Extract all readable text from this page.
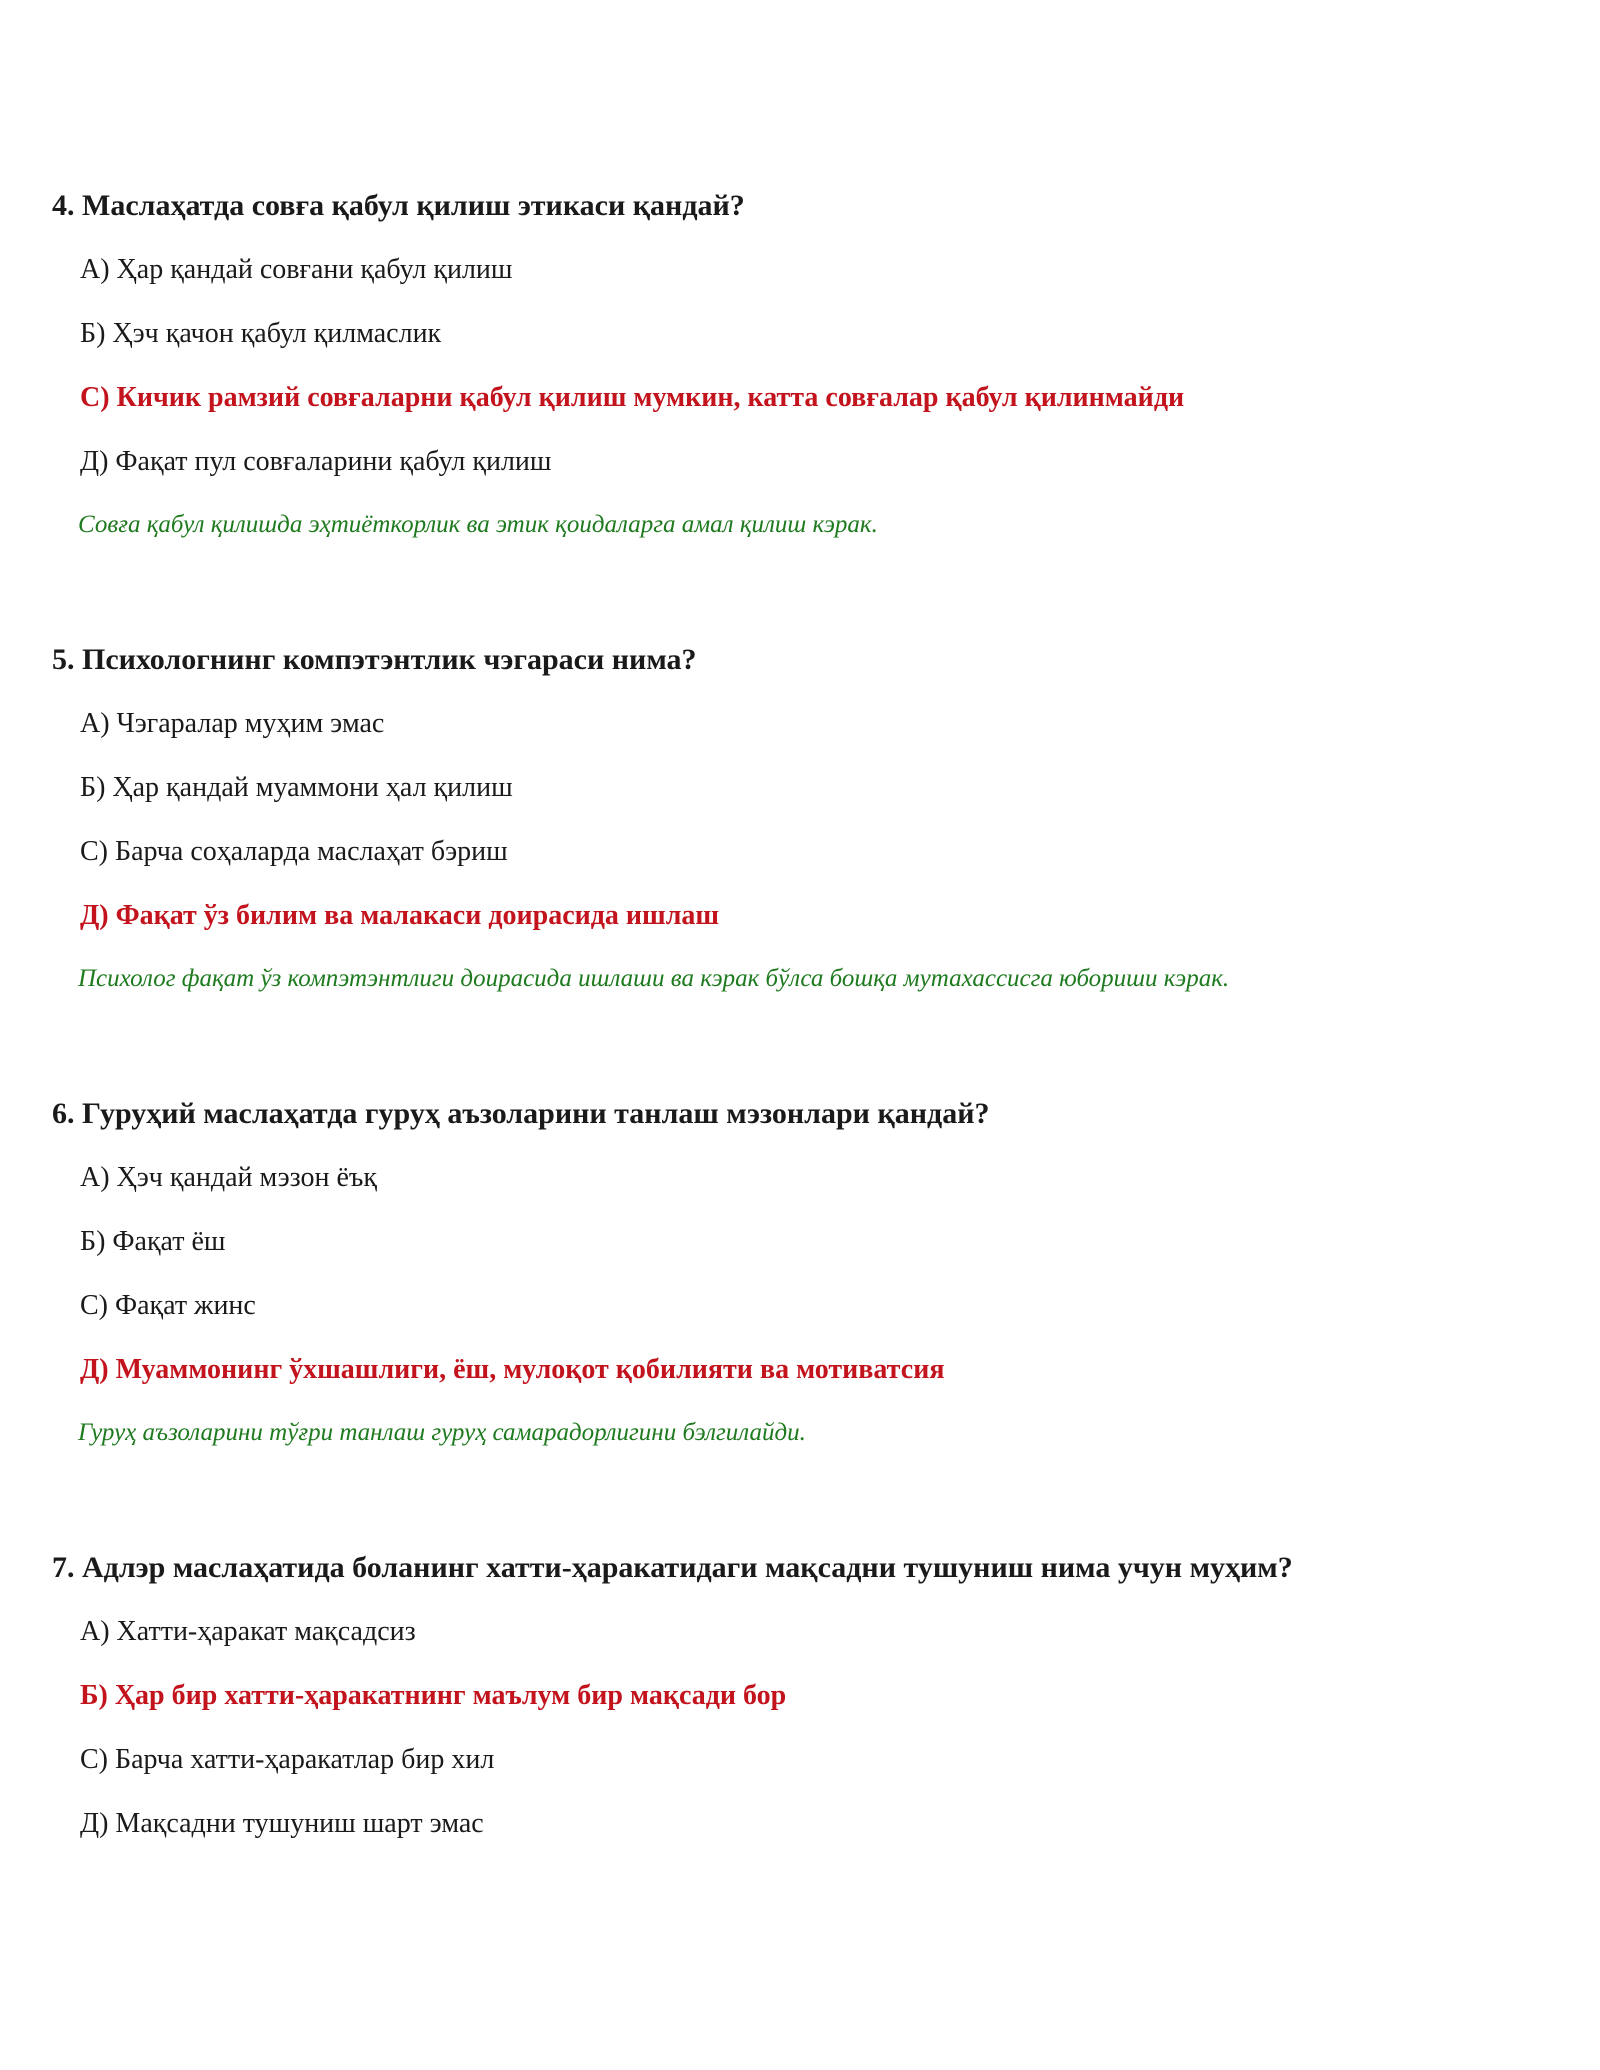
4. Маслаҳатда совға қабул қилиш этикаси қандай?

А) Ҳар қандай совғани қабул қилиш
Б) Ҳэч қачон қабул қилмаслик
С) Кичик рамзий совғаларни қабул қилиш мумкин, катта совғалар қабул қилинмайди
Д) Фақат пул совғаларини қабул қилиш

Совға қабул қилишда эҳтиёткорлик ва этик қоидаларга амал қилиш кэрак.

5. Психологнинг компэтэнтлик чэгараси нима?

А) Чэгаралар муҳим эмас
Б) Ҳар қандай муаммони ҳал қилиш
С) Барча соҳаларда маслаҳат бэриш
Д) Фақат ўз билим ва малакаси доирасида ишлаш

Психолог фақат ўз компэтэнтлиги доирасида ишлаши ва кэрак бўлса бошқа мутахассисга юбориши кэрак.

6. Гуруҳий маслаҳатда гуруҳ аъзоларини танлаш мэзонлари қандай?

А) Ҳэч қандай мэзон ёъқ
Б) Фақат ёш
С) Фақат жинс
Д) Муаммонинг ўхшашлиги, ёш, мулоқот қобилияти ва мотиватсия

Гуруҳ аъзоларини тўғри танлаш гуруҳ самарадорлигини бэлгилайди.

7. Адлэр маслаҳатида боланинг хатти-ҳаракатидаги мақсадни тушуниш нима учун муҳим?

А) Хатти-ҳаракат мақсадсиз
Б) Ҳар бир хатти-ҳаракатнинг маълум бир мақсади бор
С) Барча хатти-ҳаракатлар бир хил
Д) Мақсадни тушуниш шарт эмас
